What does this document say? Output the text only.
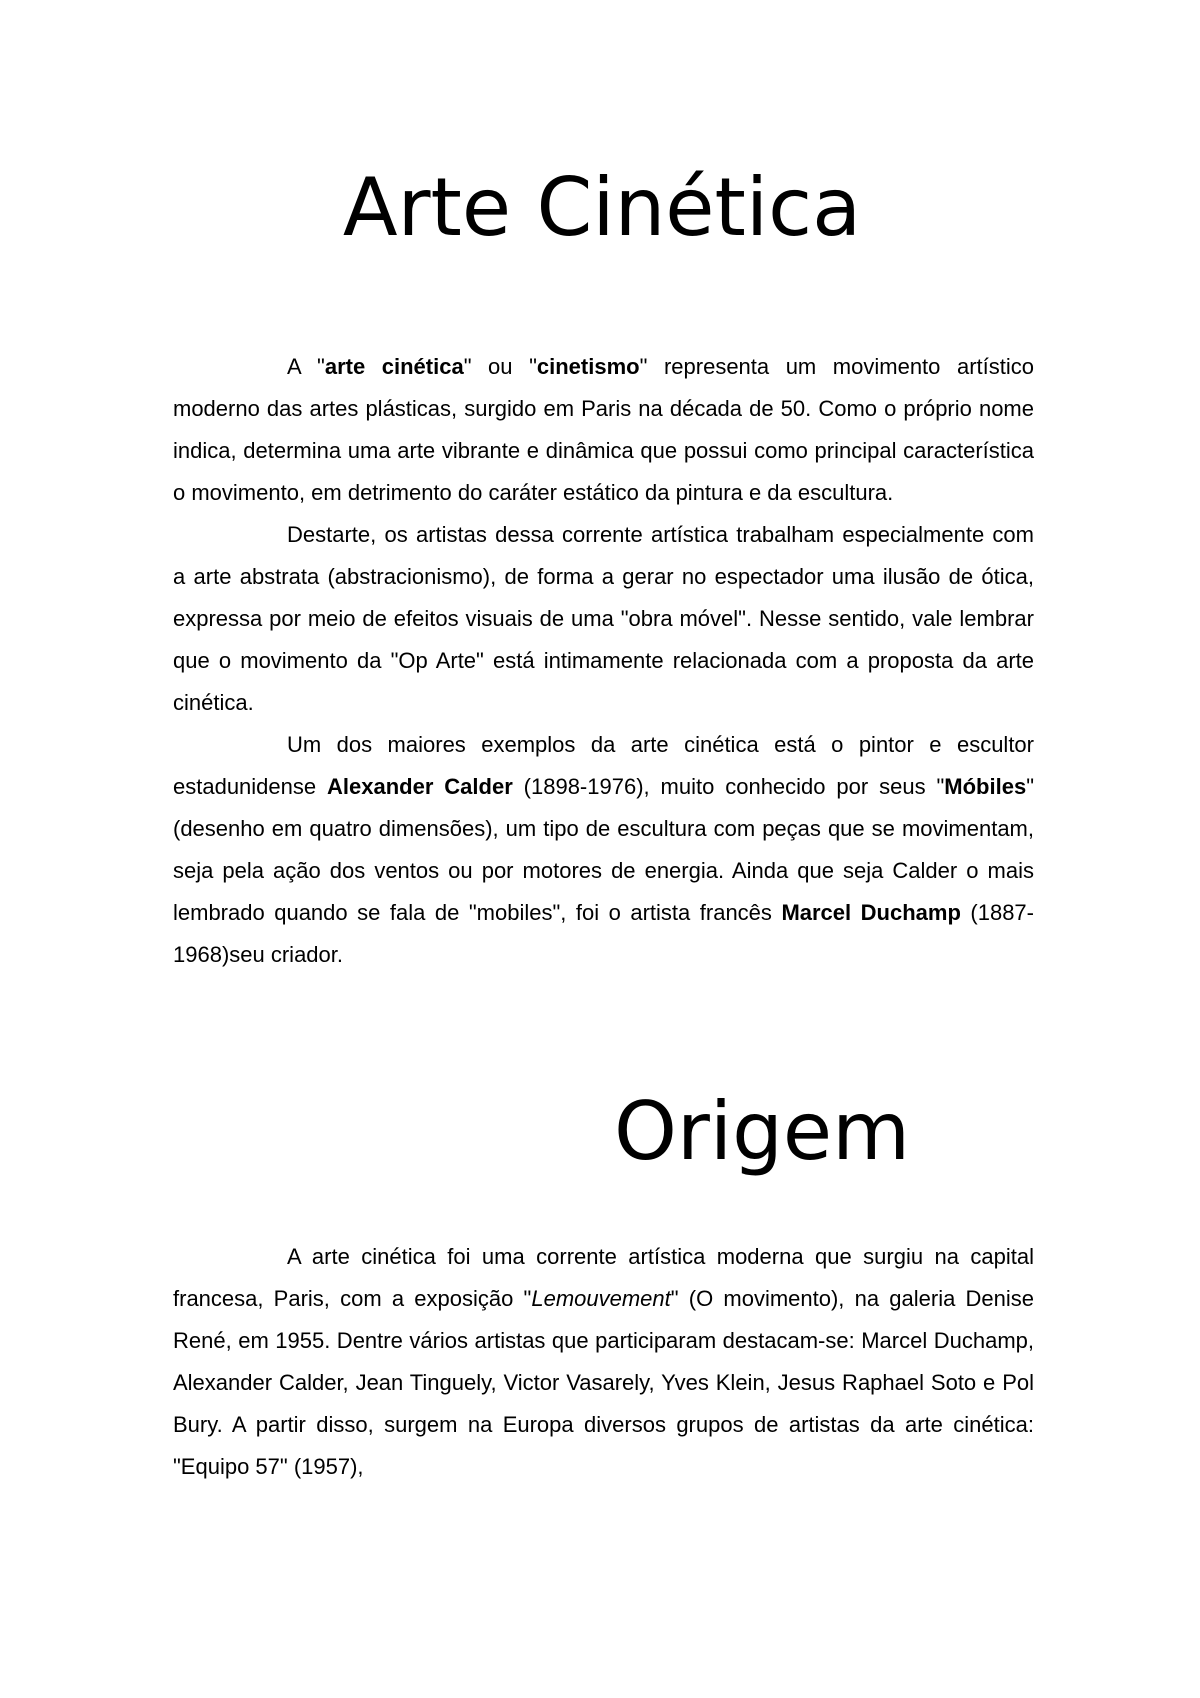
Arte Cinética

A "arte cinética" ou "cinetismo" representa um movimento artístico moderno das artes plásticas, surgido em Paris na década de 50. Como o próprio nome indica, determina uma arte vibrante e dinâmica que possui como principal característica o movimento, em detrimento do caráter estático da pintura e da escultura.

Destarte, os artistas dessa corrente artística trabalham especialmente com a arte abstrata (abstracionismo), de forma a gerar no espectador uma ilusão de ótica, expressa por meio de efeitos visuais de uma "obra móvel". Nesse sentido, vale lembrar que o movimento da "Op Arte" está intimamente relacionada com a proposta da arte cinética.

Um dos maiores exemplos da arte cinética está o pintor e escultor estadunidense Alexander Calder (1898-1976), muito conhecido por seus "Móbiles" (desenho em quatro dimensões), um tipo de escultura com peças que se movimentam, seja pela ação dos ventos ou por motores de energia. Ainda que seja Calder o mais lembrado quando se fala de "mobiles", foi o artista francês Marcel Duchamp (1887-1968)seu criador.

Origem

A arte cinética foi uma corrente artística moderna que surgiu na capital francesa, Paris, com a exposição "Lemouvement" (O movimento), na galeria Denise René, em 1955. Dentre vários artistas que participaram destacam-se: Marcel Duchamp, Alexander Calder, Jean Tinguely, Victor Vasarely, Yves Klein, Jesus Raphael Soto e Pol Bury. A partir disso, surgem na Europa diversos grupos de artistas da arte cinética: "Equipo 57" (1957),
